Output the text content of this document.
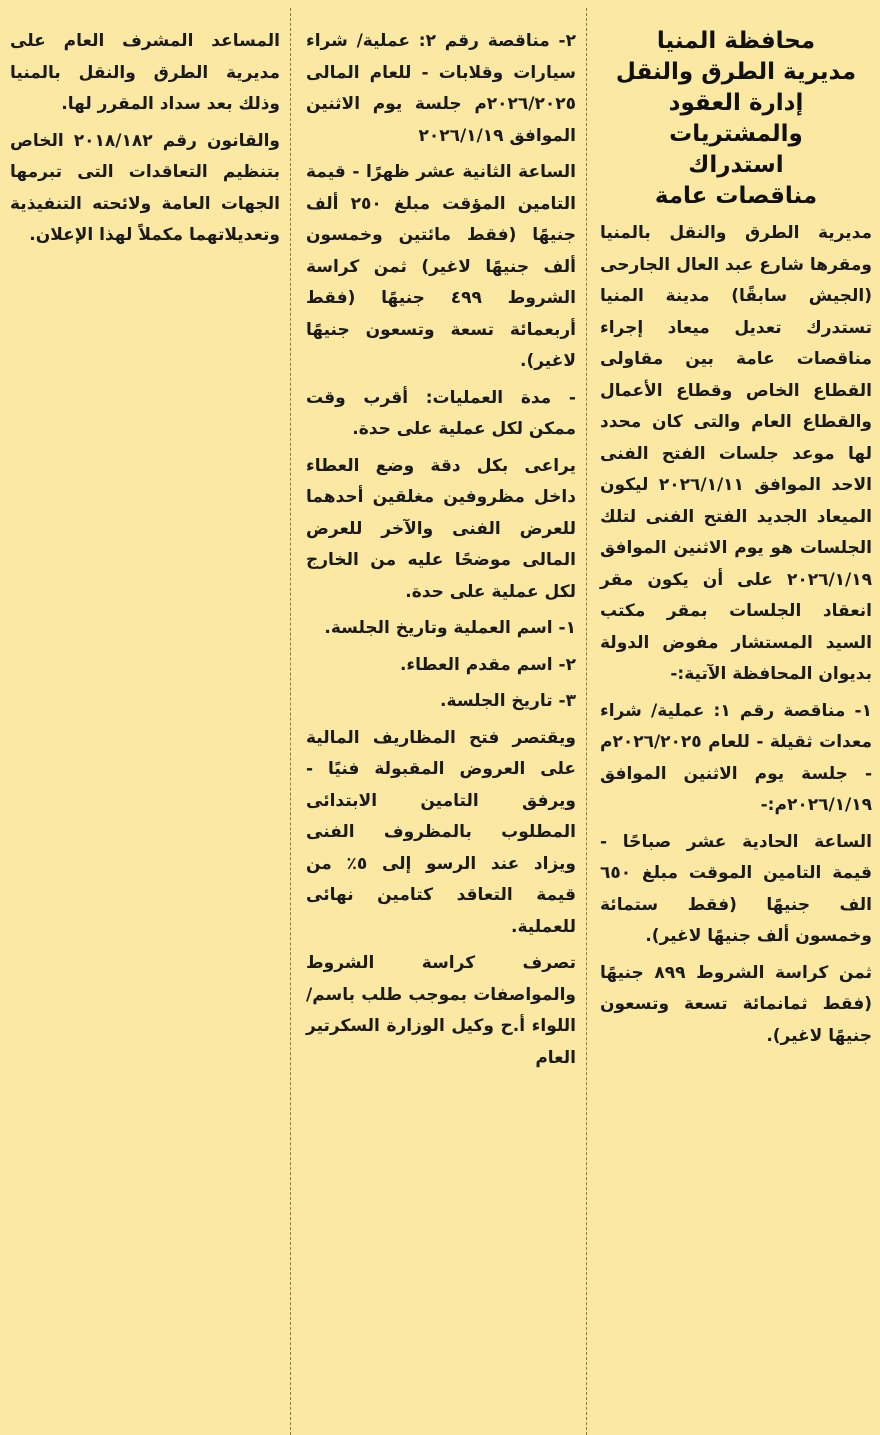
محافظة المنيا
مديرية الطرق والنقل
إدارة العقود والمشتريات
استدراك
مناقصات عامة

مديرية الطرق والنقل بالمنيا ومقرها شارع عبد العال الجارحى (الجيش سابقًا) مدينة المنيا تستدرك تعديل ميعاد إجراء مناقصات عامة بين مقاولى القطاع الخاص وقطاع الأعمال والقطاع العام والتى كان محدد لها موعد جلسات الفتح الفنى الاحد الموافق ٢٠٢٦/١/١١ ليكون الميعاد الجديد الفتح الفنى لتلك الجلسات هو يوم الاثنين الموافق ٢٠٢٦/١/١٩ على أن يكون مقر انعقاد الجلسات بمقر مكتب السيد المستشار مفوض الدولة بديوان المحافظة الآتية:-

١- مناقصة رقم ١: عملية/ شراء معدات ثقيلة - للعام ٢٠٢٦/٢٠٢٥م - جلسة يوم الاثنين الموافق ٢٠٢٦/١/١٩م:-

الساعة الحادية عشر صباحًا - قيمة التامين الموقت مبلغ ٦٥٠ الف جنيهًا (فقط ستمائة وخمسون ألف جنيهًا لاغير).

ثمن كراسة الشروط ٨٩٩ جنيهًا (فقط ثمانمائة تسعة وتسعون جنيهًا لاغير).

٢- مناقصة رقم ٢: عملية/ شراء سيارات وقلابات - للعام المالى ٢٠٢٦/٢٠٢٥م جلسة يوم الاثنين الموافق ٢٠٢٦/١/١٩

الساعة الثانية عشر ظهرًا - قيمة التامين المؤقت مبلغ ٢٥٠ ألف جنيهًا (فقط مائتين وخمسون ألف جنيهًا لاغير) ثمن كراسة الشروط ٤٩٩ جنيهًا (فقط أربعمائة تسعة وتسعون جنيهًا لاغير).

- مدة العمليات: أقرب وقت ممكن لكل عملية على حدة.

يراعى بكل دقة وضع العطاء داخل مظروفين مغلقين أحدهما للعرض الفنى والآخر للعرض المالى موضحًا عليه من الخارج لكل عملية على حدة.

١- اسم العملية وتاريخ الجلسة.

٢- اسم مقدم العطاء.

٣- تاريخ الجلسة.

ويقتصر فتح المظاريف المالية على العروض المقبولة فنيًا - ويرفق التامين الابتدائى المطلوب بالمظروف الفنى ويزاد عند الرسو إلى ٥٪ من قيمة التعاقد كتامين نهائى للعملية.

تصرف كراسة الشروط والمواصفات بموجب طلب باسم/ اللواء أ.ح وكيل الوزارة السكرتير العام

المساعد المشرف العام على مديرية الطرق والنقل بالمنيا وذلك بعد سداد المقرر لها.

والقانون رقم ٢٠١٨/١٨٢ الخاص بتنظيم التعاقدات التى تبرمها الجهات العامة ولائحته التنفيذية وتعديلاتهما مكملاً لهذا الإعلان.
